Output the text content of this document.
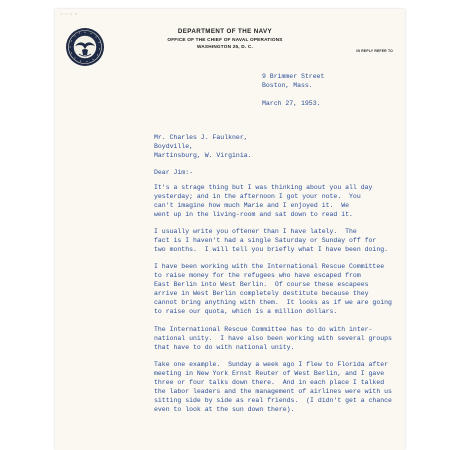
~ ~ ~ ~
DEPARTMENT OF THE NAVY
OFFICE OF THE CHIEF OF NAVAL OPERATIONS
WASHINGTON 25, D. C.
IN REPLY REFER TO
9 Brimmer Street
Boston, Mass.
March 27, 1953.
Mr. Charles J. Faulkner,
Boydville,
Martinsburg, W. Virginia.
Dear Jim:-
It's a strage thing but I was thinking about you all day
yesterday; and in the afternoon I got your note.  You
can't imagine how much Marie and I enjoyed it.  We
went up in the living-room and sat down to read it.
I usually write you oftener than I have lately.  The
fact is I haven't had a single Saturday or Sunday off for
two months.  I will tell you briefly what I have been doing.
I have been working with the International Rescue Committee
to raise money for the refugees who have escaped from
East Berlin into West Berlin.  Of course these escapees
arrive in West Berlin completely destitute because they
cannot bring anything with them.  It looks as if we are going
to raise our quota, which is a million dollars.
The International Rescue Committee has to do with inter-
national unity.  I have also been working with several groups
that have to do with national unity.
Take one example.  Sunday a week ago I flew to Florida after
meeting in New York Ernst Reuter of West Berlin, and I gave
three or four talks down there.  And in each place I talked
the labor leaders and the management of airlines were with us
sitting side by side as real friends.  (I didn't get a chance
even to look at the sun down there).
